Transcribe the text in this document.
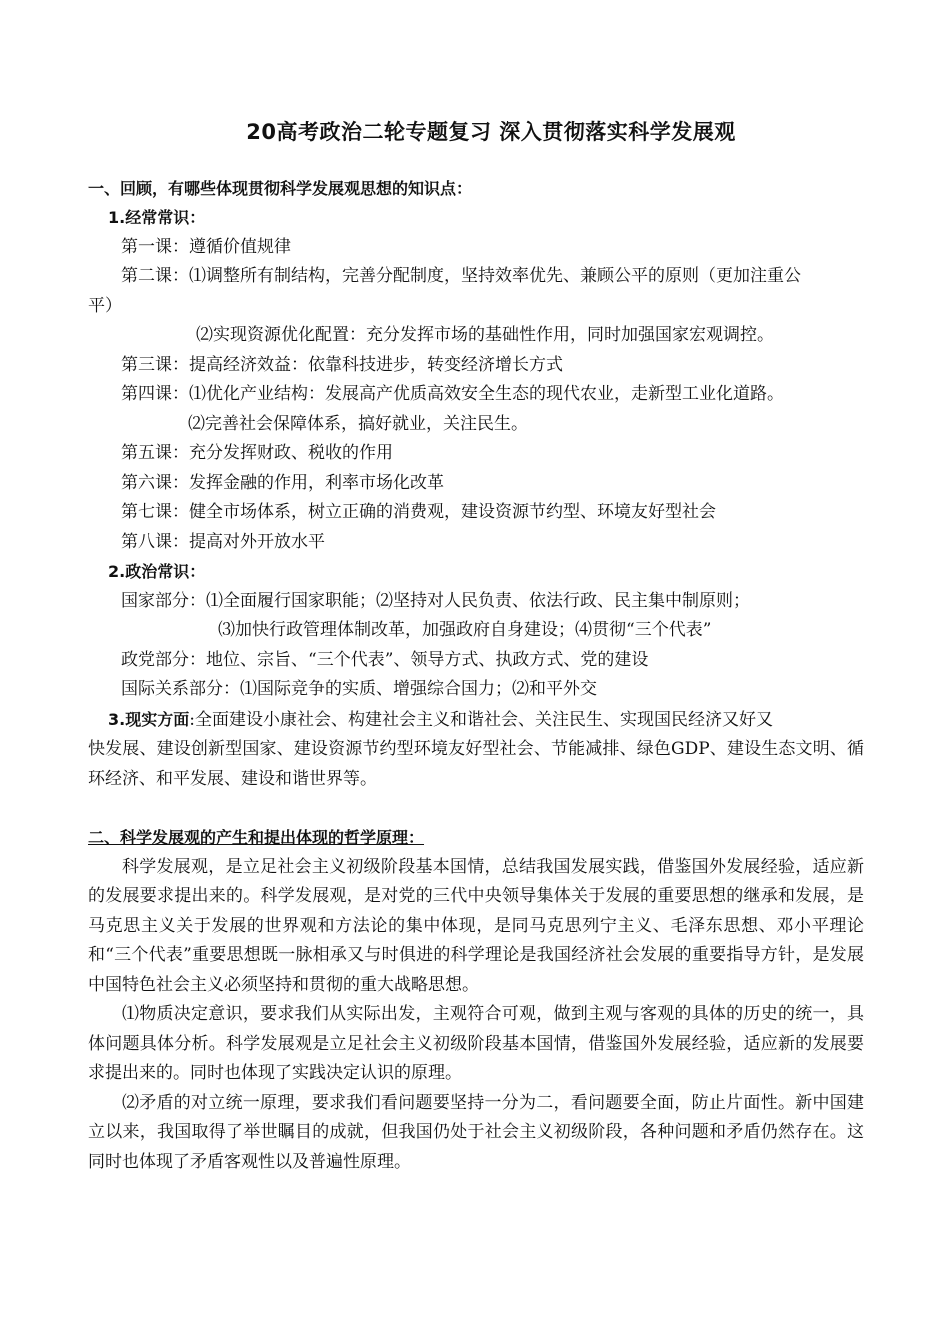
20高考政治二轮专题复习 深入贯彻落实科学发展观
一、回顾，有哪些体现贯彻科学发展观思想的知识点：
1.经常常识：
第一课：遵循价值规律
第二课：⑴调整所有制结构，完善分配制度，坚持效率优先、兼顾公平的原则（更加注重公
平）
⑵实现资源优化配置：充分发挥市场的基础性作用，同时加强国家宏观调控。
第三课：提高经济效益：依靠科技进步，转变经济增长方式
第四课：⑴优化产业结构：发展高产优质高效安全生态的现代农业，走新型工业化道路。
⑵完善社会保障体系，搞好就业，关注民生。
第五课：充分发挥财政、税收的作用
第六课：发挥金融的作用，利率市场化改革
第七课：健全市场体系，树立正确的消费观，建设资源节约型、环境友好型社会
第八课：提高对外开放水平
2.政治常识：
国家部分：⑴全面履行国家职能；⑵坚持对人民负责、依法行政、民主集中制原则；
⑶加快行政管理体制改革，加强政府自身建设；⑷贯彻“三个代表”
政党部分：地位、宗旨、“三个代表”、领导方式、执政方式、党的建设
国际关系部分：⑴国际竞争的实质、增强综合国力；⑵和平外交
3.现实方面:全面建设小康社会、构建社会主义和谐社会、关注民生、实现国民经济又好又
快发展、建设创新型国家、建设资源节约型环境友好型社会、节能减排、绿色GDP、建设生态文明、循环经济、和平发展、建设和谐世界等。
二、科学发展观的产生和提出体现的哲学原理：
科学发展观，是立足社会主义初级阶段基本国情，总结我国发展实践，借鉴国外发展经验，适应新的发展要求提出来的。科学发展观，是对党的三代中央领导集体关于发展的重要思想的继承和发展，是马克思主义关于发展的世界观和方法论的集中体现，是同马克思列宁主义、毛泽东思想、邓小平理论和“三个代表”重要思想既一脉相承又与时俱进的科学理论是我国经济社会发展的重要指导方针，是发展中国特色社会主义必须坚持和贯彻的重大战略思想。
⑴物质决定意识，要求我们从实际出发，主观符合可观，做到主观与客观的具体的历史的统一，具体问题具体分析。科学发展观是立足社会主义初级阶段基本国情，借鉴国外发展经验，适应新的发展要求提出来的。同时也体现了实践决定认识的原理。
⑵矛盾的对立统一原理，要求我们看问题要坚持一分为二，看问题要全面，防止片面性。新中国建立以来，我国取得了举世瞩目的成就，但我国仍处于社会主义初级阶段，各种问题和矛盾仍然存在。这同时也体现了矛盾客观性以及普遍性原理。
